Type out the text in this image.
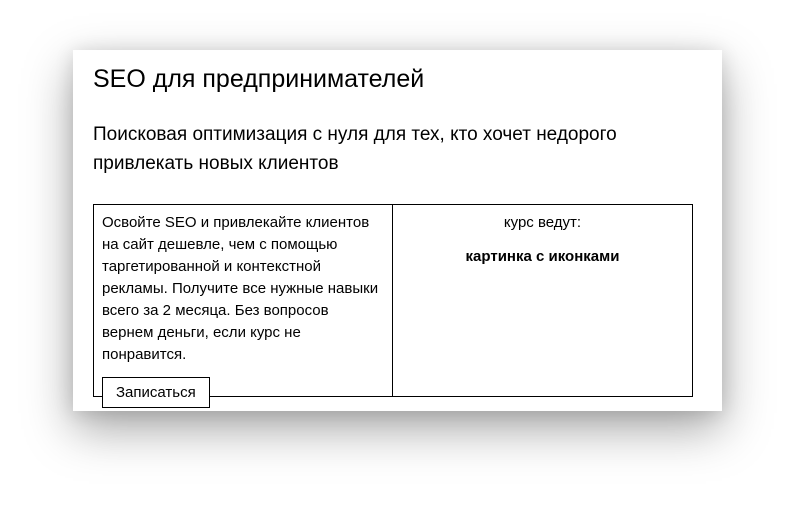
SEO для предпринимателей

Поисковая оптимизация с нуля для тех, кто хочет недорого привлекать новых клиентов

Освойте SEO и привлекайте клиентов на сайт дешевле, чем с помощью таргетированной и контекстной рекламы. Получите все нужные навыки всего за 2 месяца. Без вопросов вернем деньги, если курс не понравится.

Записаться

курс ведут:

картинка с иконками
